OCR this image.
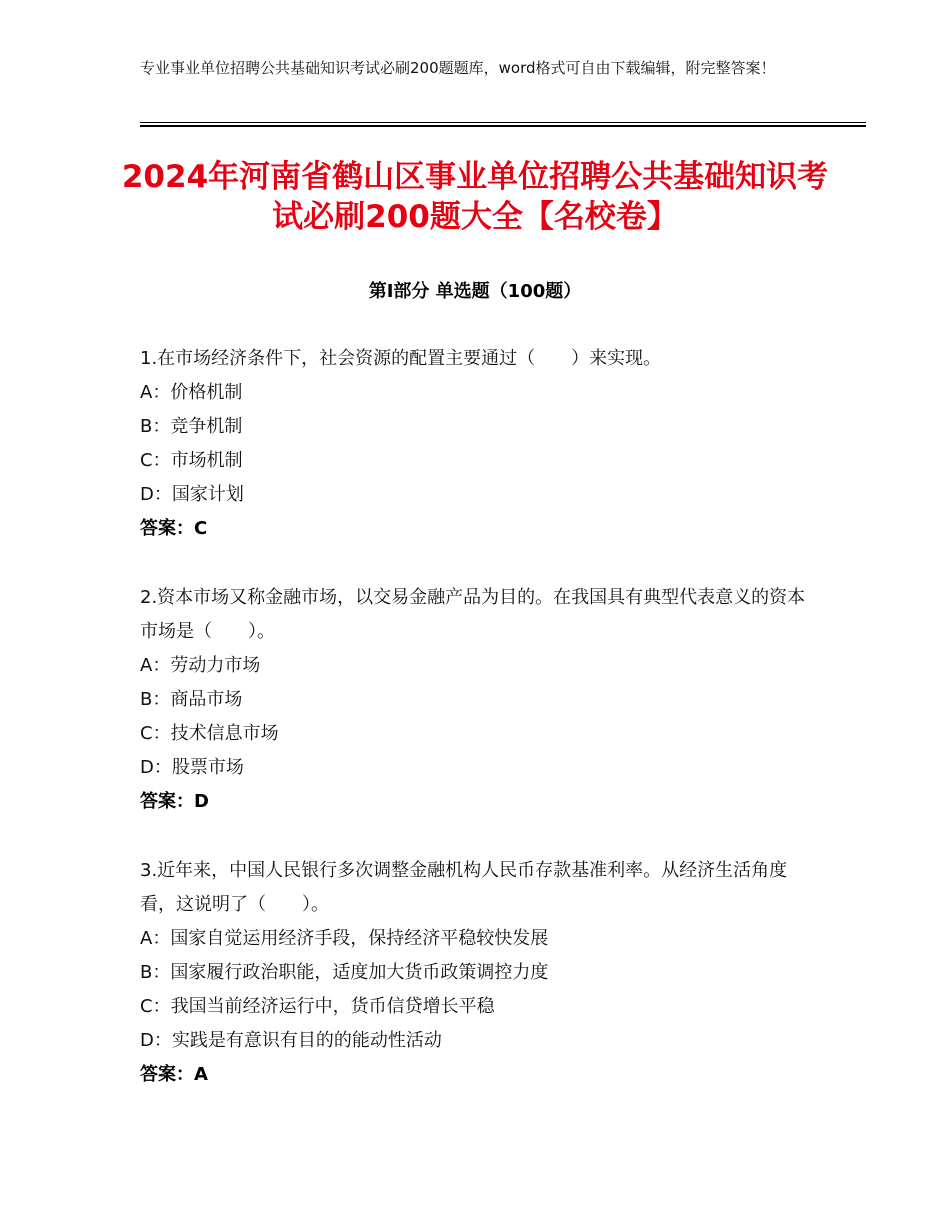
专业事业单位招聘公共基础知识考试必刷200题题库，word格式可自由下载编辑，附完整答案！
2024年河南省鹤山区事业单位招聘公共基础知识考试必刷200题大全【名校卷】
第I部分 单选题（100题）
1.在市场经济条件下，社会资源的配置主要通过（　　）来实现。
A：价格机制
B：竞争机制
C：市场机制
D：国家计划
答案：C
2.资本市场又称金融市场，以交易金融产品为目的。在我国具有典型代表意义的资本市场是（　　）。
A：劳动力市场
B：商品市场
C：技术信息市场
D：股票市场
答案：D
3.近年来，中国人民银行多次调整金融机构人民币存款基准利率。从经济生活角度看，这说明了（　　）。
A：国家自觉运用经济手段，保持经济平稳较快发展
B：国家履行政治职能，适度加大货币政策调控力度
C：我国当前经济运行中，货币信贷增长平稳
D：实践是有意识有目的的能动性活动
答案：A
